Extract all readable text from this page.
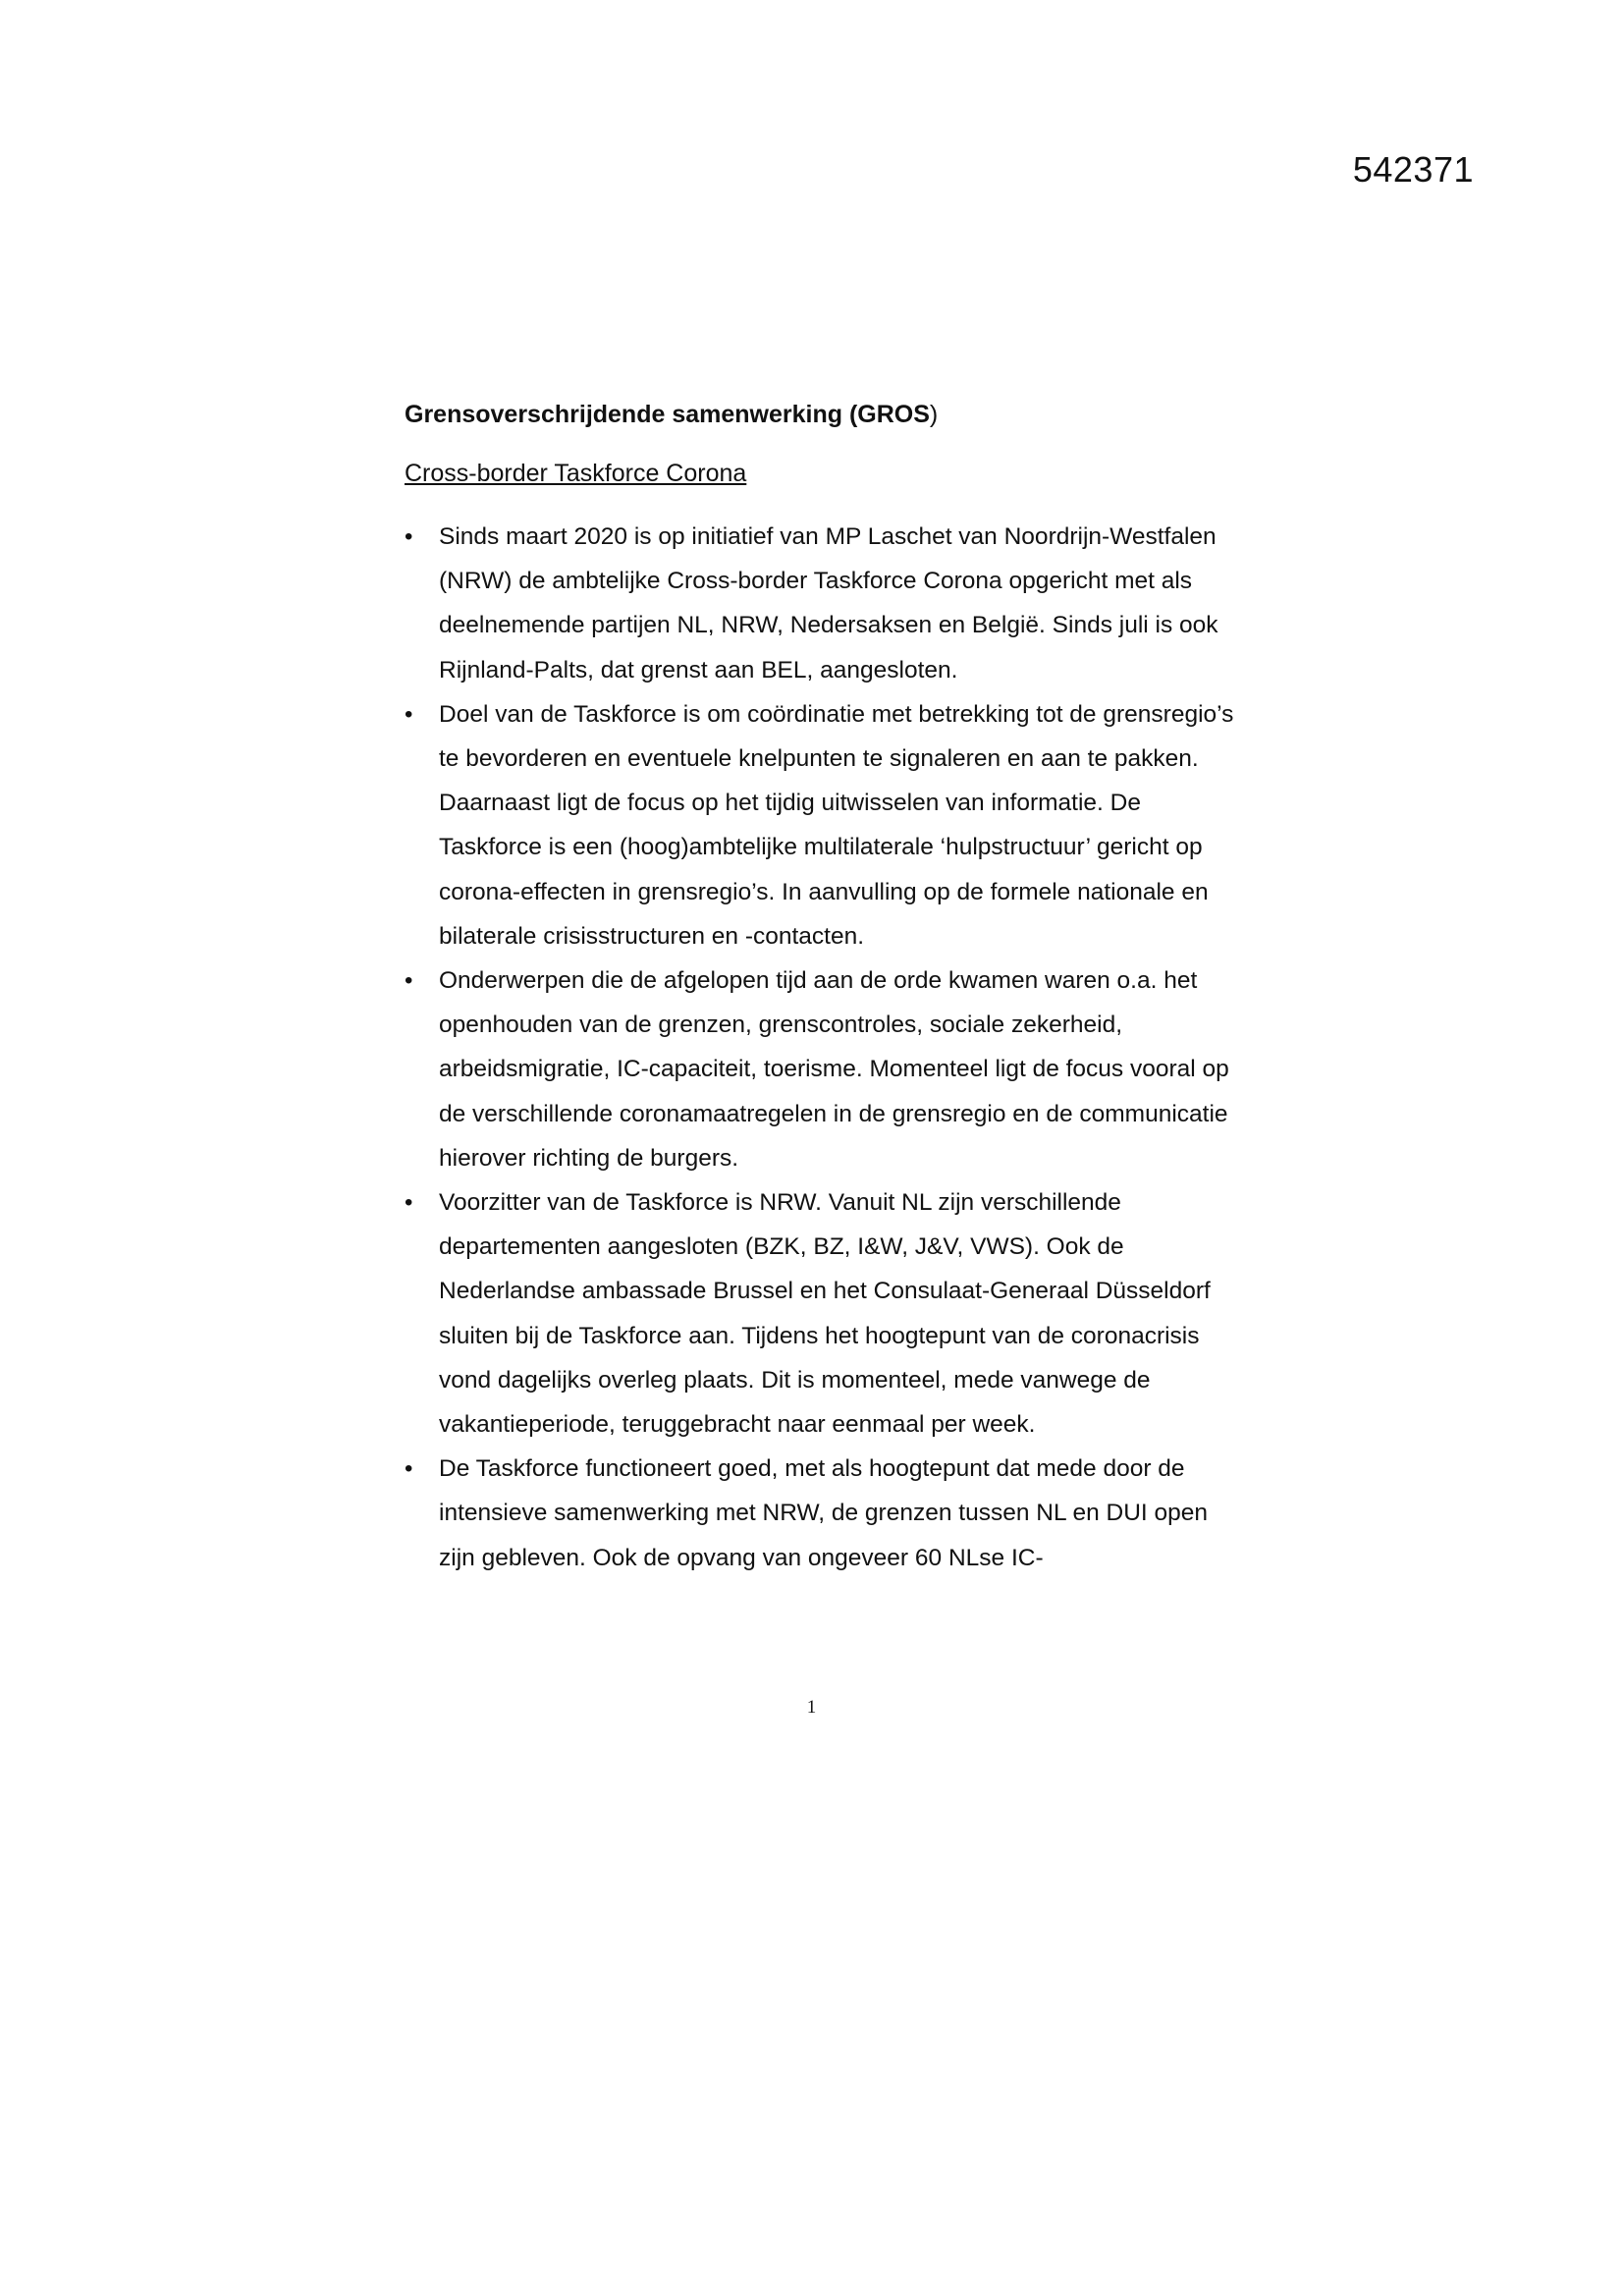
542371

Grensoverschrijdende samenwerking (GROS)

Cross-border Taskforce Corona

• Sinds maart 2020 is op initiatief van MP Laschet van Noordrijn-Westfalen (NRW) de ambtelijke Cross-border Taskforce Corona opgericht met als deelnemende partijen NL, NRW, Nedersaksen en België. Sinds juli is ook Rijnland-Palts, dat grenst aan BEL, aangesloten.

• Doel van de Taskforce is om coördinatie met betrekking tot de grensregio’s te bevorderen en eventuele knelpunten te signaleren en aan te pakken. Daarnaast ligt de focus op het tijdig uitwisselen van informatie. De Taskforce is een (hoog)ambtelijke multilaterale ‘hulpstructuur’ gericht op corona-effecten in grensregio’s. In aanvulling op de formele nationale en bilaterale crisisstructuren en -contacten.

• Onderwerpen die de afgelopen tijd aan de orde kwamen waren o.a. het openhouden van de grenzen, grenscontroles, sociale zekerheid, arbeidsmigratie, IC-capaciteit, toerisme. Momenteel ligt de focus vooral op de verschillende coronamaatregelen in de grensregio en de communicatie hierover richting de burgers.

• Voorzitter van de Taskforce is NRW. Vanuit NL zijn verschillende departementen aangesloten (BZK, BZ, I&W, J&V, VWS). Ook de Nederlandse ambassade Brussel en het Consulaat-Generaal Düsseldorf sluiten bij de Taskforce aan. Tijdens het hoogtepunt van de coronacrisis vond dagelijks overleg plaats. Dit is momenteel, mede vanwege de vakantieperiode, teruggebracht naar eenmaal per week.

• De Taskforce functioneert goed, met als hoogtepunt dat mede door de intensieve samenwerking met NRW, de grenzen tussen NL en DUI open zijn gebleven. Ook de opvang van ongeveer 60 NLse IC-

1
